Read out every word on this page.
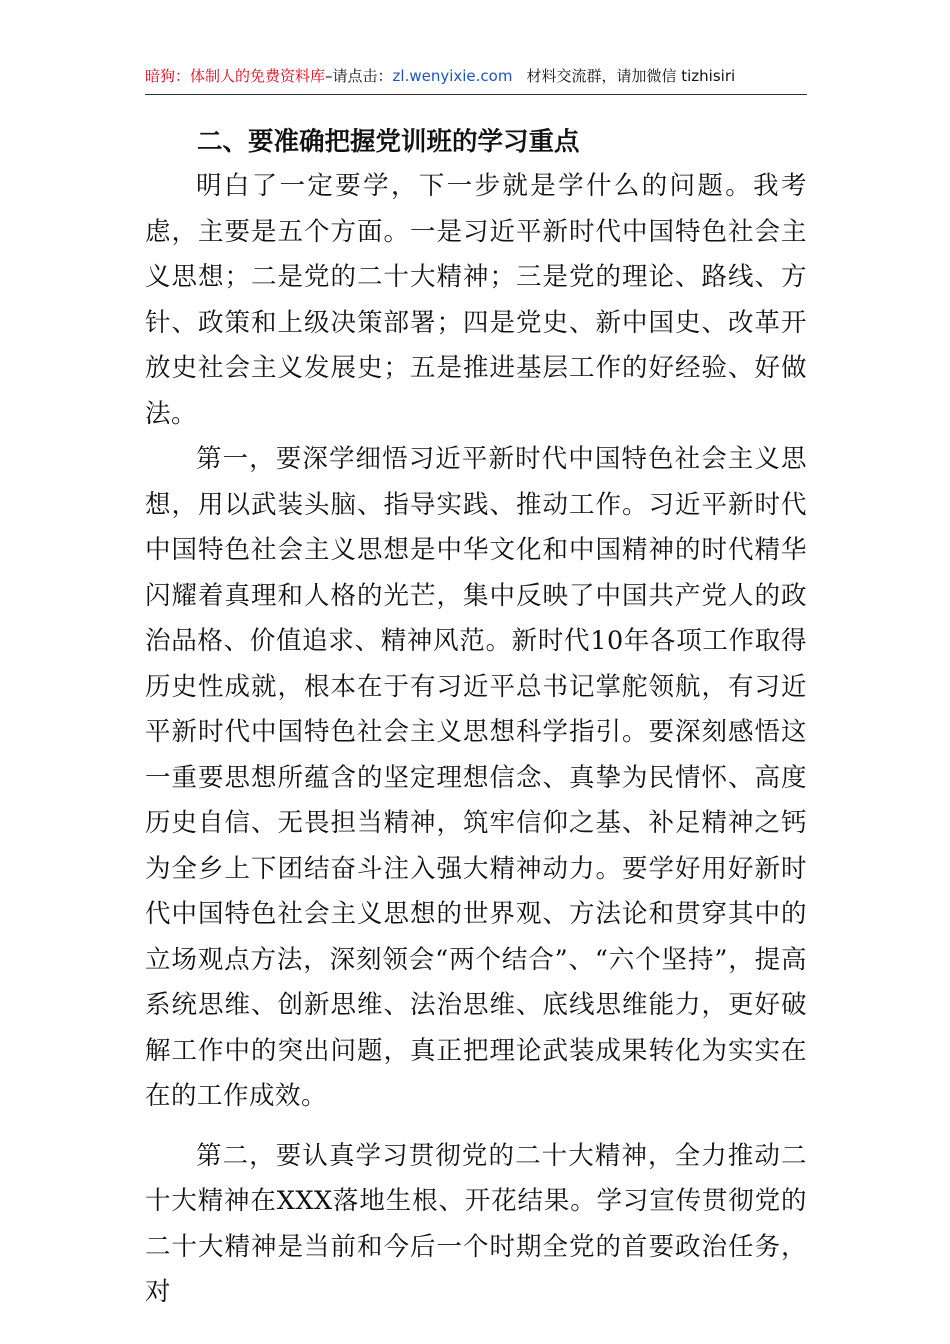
暗狗：体制人的免费资料库–请点击：zl.wenyixie.com 材料交流群，请加微信 tizhisiri
二、要准确把握党训班的学习重点

明白了一定要学，下一步就是学什么的问题。我考虑，主要是五个方面。一是习近平新时代中国特色社会主义思想；二是党的二十大精神；三是党的理论、路线、方针、政策和上级决策部署；四是党史、新中国史、改革开放史社会主义发展史；五是推进基层工作的好经验、好做法。

第一，要深学细悟习近平新时代中国特色社会主义思想，用以武装头脑、指导实践、推动工作。习近平新时代中国特色社会主义思想是中华文化和中国精神的时代精华闪耀着真理和人格的光芒，集中反映了中国共产党人的政治品格、价值追求、精神风范。新时代10年各项工作取得历史性成就，根本在于有习近平总书记掌舵领航，有习近平新时代中国特色社会主义思想科学指引。要深刻感悟这一重要思想所蕴含的坚定理想信念、真挚为民情怀、高度历史自信、无畏担当精神，筑牢信仰之基、补足精神之钙为全乡上下团结奋斗注入强大精神动力。要学好用好新时代中国特色社会主义思想的世界观、方法论和贯穿其中的立场观点方法，深刻领会“两个结合”、“六个坚持”，提高系统思维、创新思维、法治思维、底线思维能力，更好破解工作中的突出问题，真正把理论武装成果转化为实实在在的工作成效。

第二，要认真学习贯彻党的二十大精神，全力推动二十大精神在XXX落地生根、开花结果。学习宣传贯彻党的二十大精神是当前和今后一个时期全党的首要政治任务，对
